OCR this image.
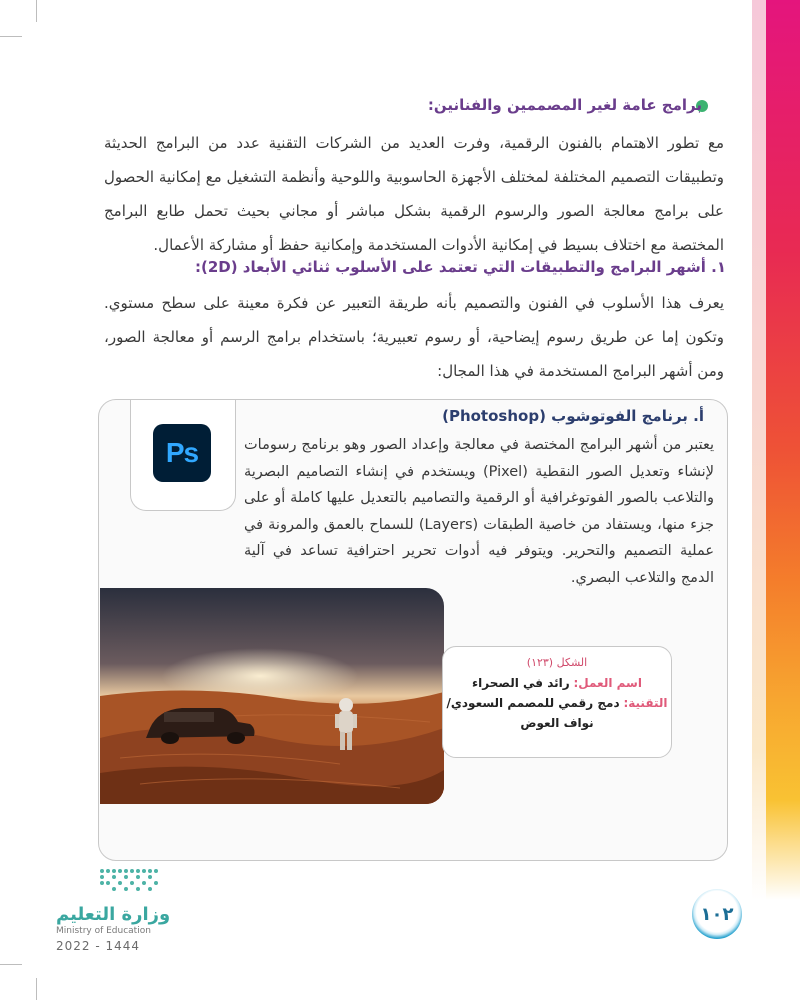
برامج عامة لغير المصممين والفنانين:
مع تطور الاهتمام بالفنون الرقمية، وفرت العديد من الشركات التقنية عدد من البرامج الحديثة وتطبيقات التصميم المختلفة لمختلف الأجهزة الحاسوبية واللوحية وأنظمة التشغيل مع إمكانية الحصول على برامج معالجة الصور والرسوم الرقمية بشكل مباشر أو مجاني بحيث تحمل طابع البرامج المختصة مع اختلاف بسيط في إمكانية الأدوات المستخدمة وإمكانية حفظ أو مشاركة الأعمال.
١. أشهر البرامج والتطبيقات التي تعتمد على الأسلوب ثنائي الأبعاد (2D):
يعرف هذا الأسلوب في الفنون والتصميم بأنه طريقة التعبير عن فكرة معينة على سطح مستوي. وتكون إما عن طريق رسوم إيضاحية، أو رسوم تعبيرية؛ باستخدام برامج الرسم أو معالجة الصور، ومن أشهر البرامج المستخدمة في هذا المجال:
Ps
أ. برنامج الفوتوشوب (Photoshop)
يعتبر من أشهر البرامج المختصة في معالجة وإعداد الصور وهو برنامج رسومات لإنشاء وتعديل الصور النقطية (Pixel) ويستخدم في إنشاء التصاميم البصرية والتلاعب بالصور الفوتوغرافية أو الرقمية والتصاميم بالتعديل عليها كاملة أو على جزء منها، ويستفاد من خاصية الطبقات (Layers) للسماح بالعمق والمرونة في عملية التصميم والتحرير. ويتوفر فيه أدوات تحرير احترافية تساعد في آلية الدمج والتلاعب البصري.
الشكل (١٢٣)
اسم العمل: رائد في الصحراء
التقنية: دمج رقمي للمصمم السعودي/
نواف العوض
وزارة التعليم
Ministry of Education
2022 - 1444
١٠٢
